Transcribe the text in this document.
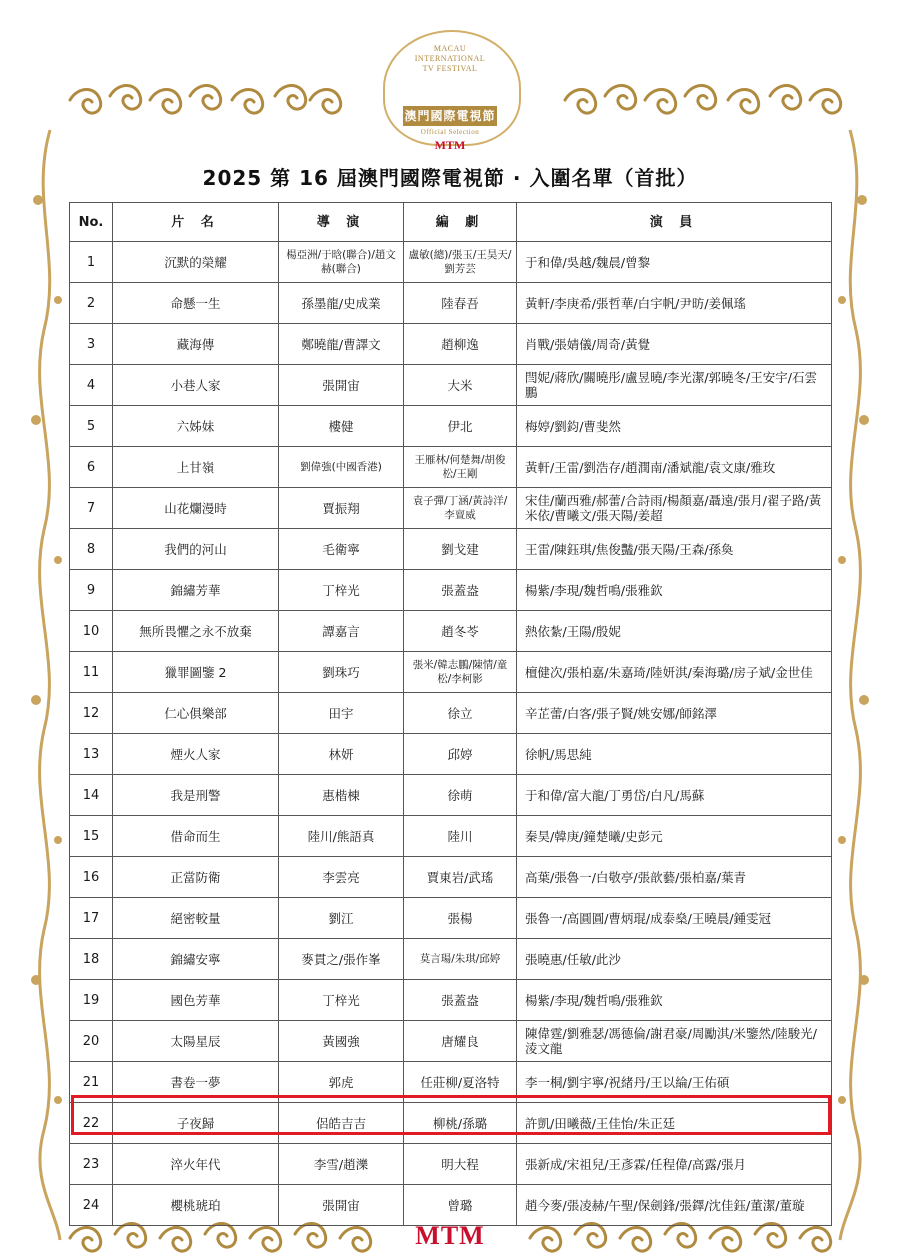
MACAU
INTERNATIONAL
TV FESTIVAL
澳門國際電視節
Official Selection
MTM
2025 第 16 屆澳門國際電視節 · 入圍名單（首批）
No.	片 名	導 演	編 劇	演 員
1	沉默的榮耀	楊亞洲/于晗(聯合)/趙文赫(聯合)	盧敏(總)/張玉/王昊天/劉芳芸	于和偉/吳越/魏晨/曾黎
2	命懸一生	孫墨龍/史成業	陸春吾	黃軒/李庚希/張哲華/白宇帆/尹昉/姜佩瑤
3	藏海傳	鄭曉龍/曹譯文	趙柳逸	肖戰/張婧儀/周奇/黃覺
4	小巷人家	張開宙	大米	閆妮/蔣欣/關曉彤/盧昱曉/李光潔/郭曉冬/王安宇/石雲鵬
5	六姊妹	樓健	伊北	梅婷/劉鈞/曹斐然
6	上甘嶺	劉偉強(中國香港)	王雁林/何楚舞/胡俊松/王剛	黃軒/王雷/劉浩存/趙潤南/潘斌龍/袁文康/雅玫
7	山花爛漫時	賈振翔	袁子彈/丁涵/黃詩洋/李亶威	宋佳/蘭西雅/郝蕾/合詩雨/楊顏嘉/聶遠/張月/翟子路/黃米依/曹曦文/張天陽/姜超
8	我們的河山	毛衛寧	劉戈建	王雷/陳鈺琪/焦俊豔/張天陽/王森/孫奐
9	錦繡芳華	丁梓光	張蓋盎	楊紫/李現/魏哲鳴/張雅欽
10	無所畏懼之永不放棄	譚嘉言	趙冬苓	熱依紮/王陽/殷妮
11	獵罪圖鑒 2	劉珠巧	張米/韓志鵬/陳情/童松/李柯影	檀健次/張柏嘉/朱嘉琦/陸妍淇/秦海璐/房子斌/金世佳
12	仁心俱樂部	田宇	徐立	辛芷蕾/白客/張子賢/姚安娜/師銘澤
13	煙火人家	林妍	邱婷	徐帆/馬思純
14	我是刑警	惠楷棟	徐萌	于和偉/富大龍/丁勇岱/白凡/馬蘇
15	借命而生	陸川/熊語真	陸川	秦昊/韓庚/鐘楚曦/史彭元
16	正當防衛	李雲亮	賈東岩/武瑤	高葉/張魯一/白敬亭/張歆藝/張柏嘉/葉青
17	絕密較量	劉江	張楊	張魯一/高圓圓/曹炳琨/成泰燊/王曉晨/鍾雯冠
18	錦繡安寧	麥貫之/張作峯	莫言瑒/朱琪/邱婷	張曉惠/任敏/此沙
19	國色芳華	丁梓光	張蓋盎	楊紫/李現/魏哲鳴/張雅欽
20	太陽星辰	黃國強	唐耀良	陳偉霆/劉雅瑟/馮德倫/謝君豪/周勵淇/米鑒然/陸駿光/淩文龍
21	書卷一夢	郭虎	任莊柳/夏洛特	李一桐/劉宇寧/祝緒丹/王以綸/王佑碩
22	子夜歸	侶皓吉吉	柳桃/孫璐	許凱/田曦薇/王佳怡/朱正廷
23	淬火年代	李雪/趙濼	明大程	張新成/宋祖兒/王彥霖/任程偉/高露/張月
24	櫻桃琥珀	張開宙	曾璐	趙今麥/張凌赫/午聖/保劍鋒/張鐸/沈佳鈺/董潔/董璇
MTM
